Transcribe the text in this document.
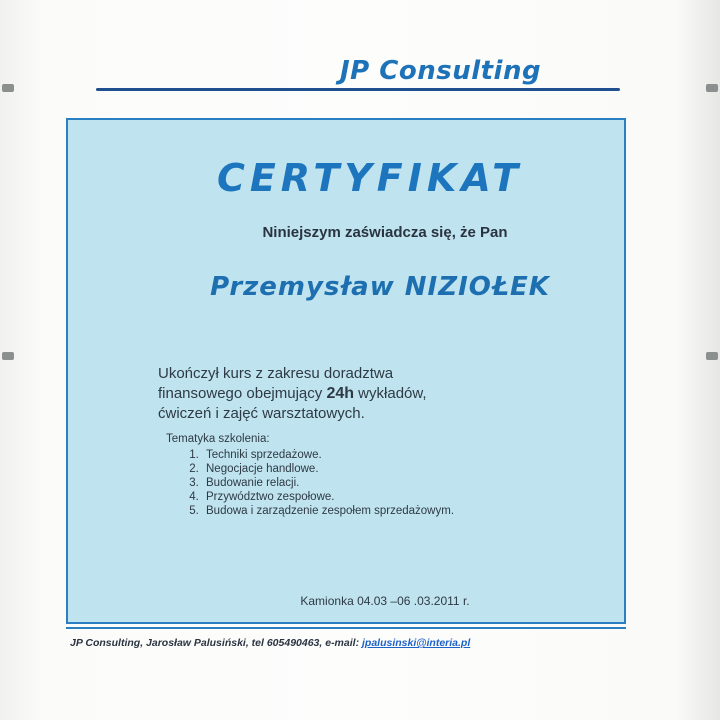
JP Consulting
CERTYFIKAT
Niniejszym zaświadcza się, że Pan
Przemysław NIZIOŁEK
Ukończył kurs z zakresu doradztwa
finansowego obejmujący 24h wykładów,
ćwiczeń i zajęć warsztatowych.
Tematyka szkolenia:
1. Techniki sprzedażowe.
2. Negocjacje handlowe.
3. Budowanie relacji.
4. Przywództwo zespołowe.
5. Budowa i zarządzenie zespołem sprzedażowym.
Kamionka 04.03 –06 .03.2011 r.
JP Consulting, Jarosław Palusiński, tel 605490463, e-mail: jpalusinski@interia.pl
